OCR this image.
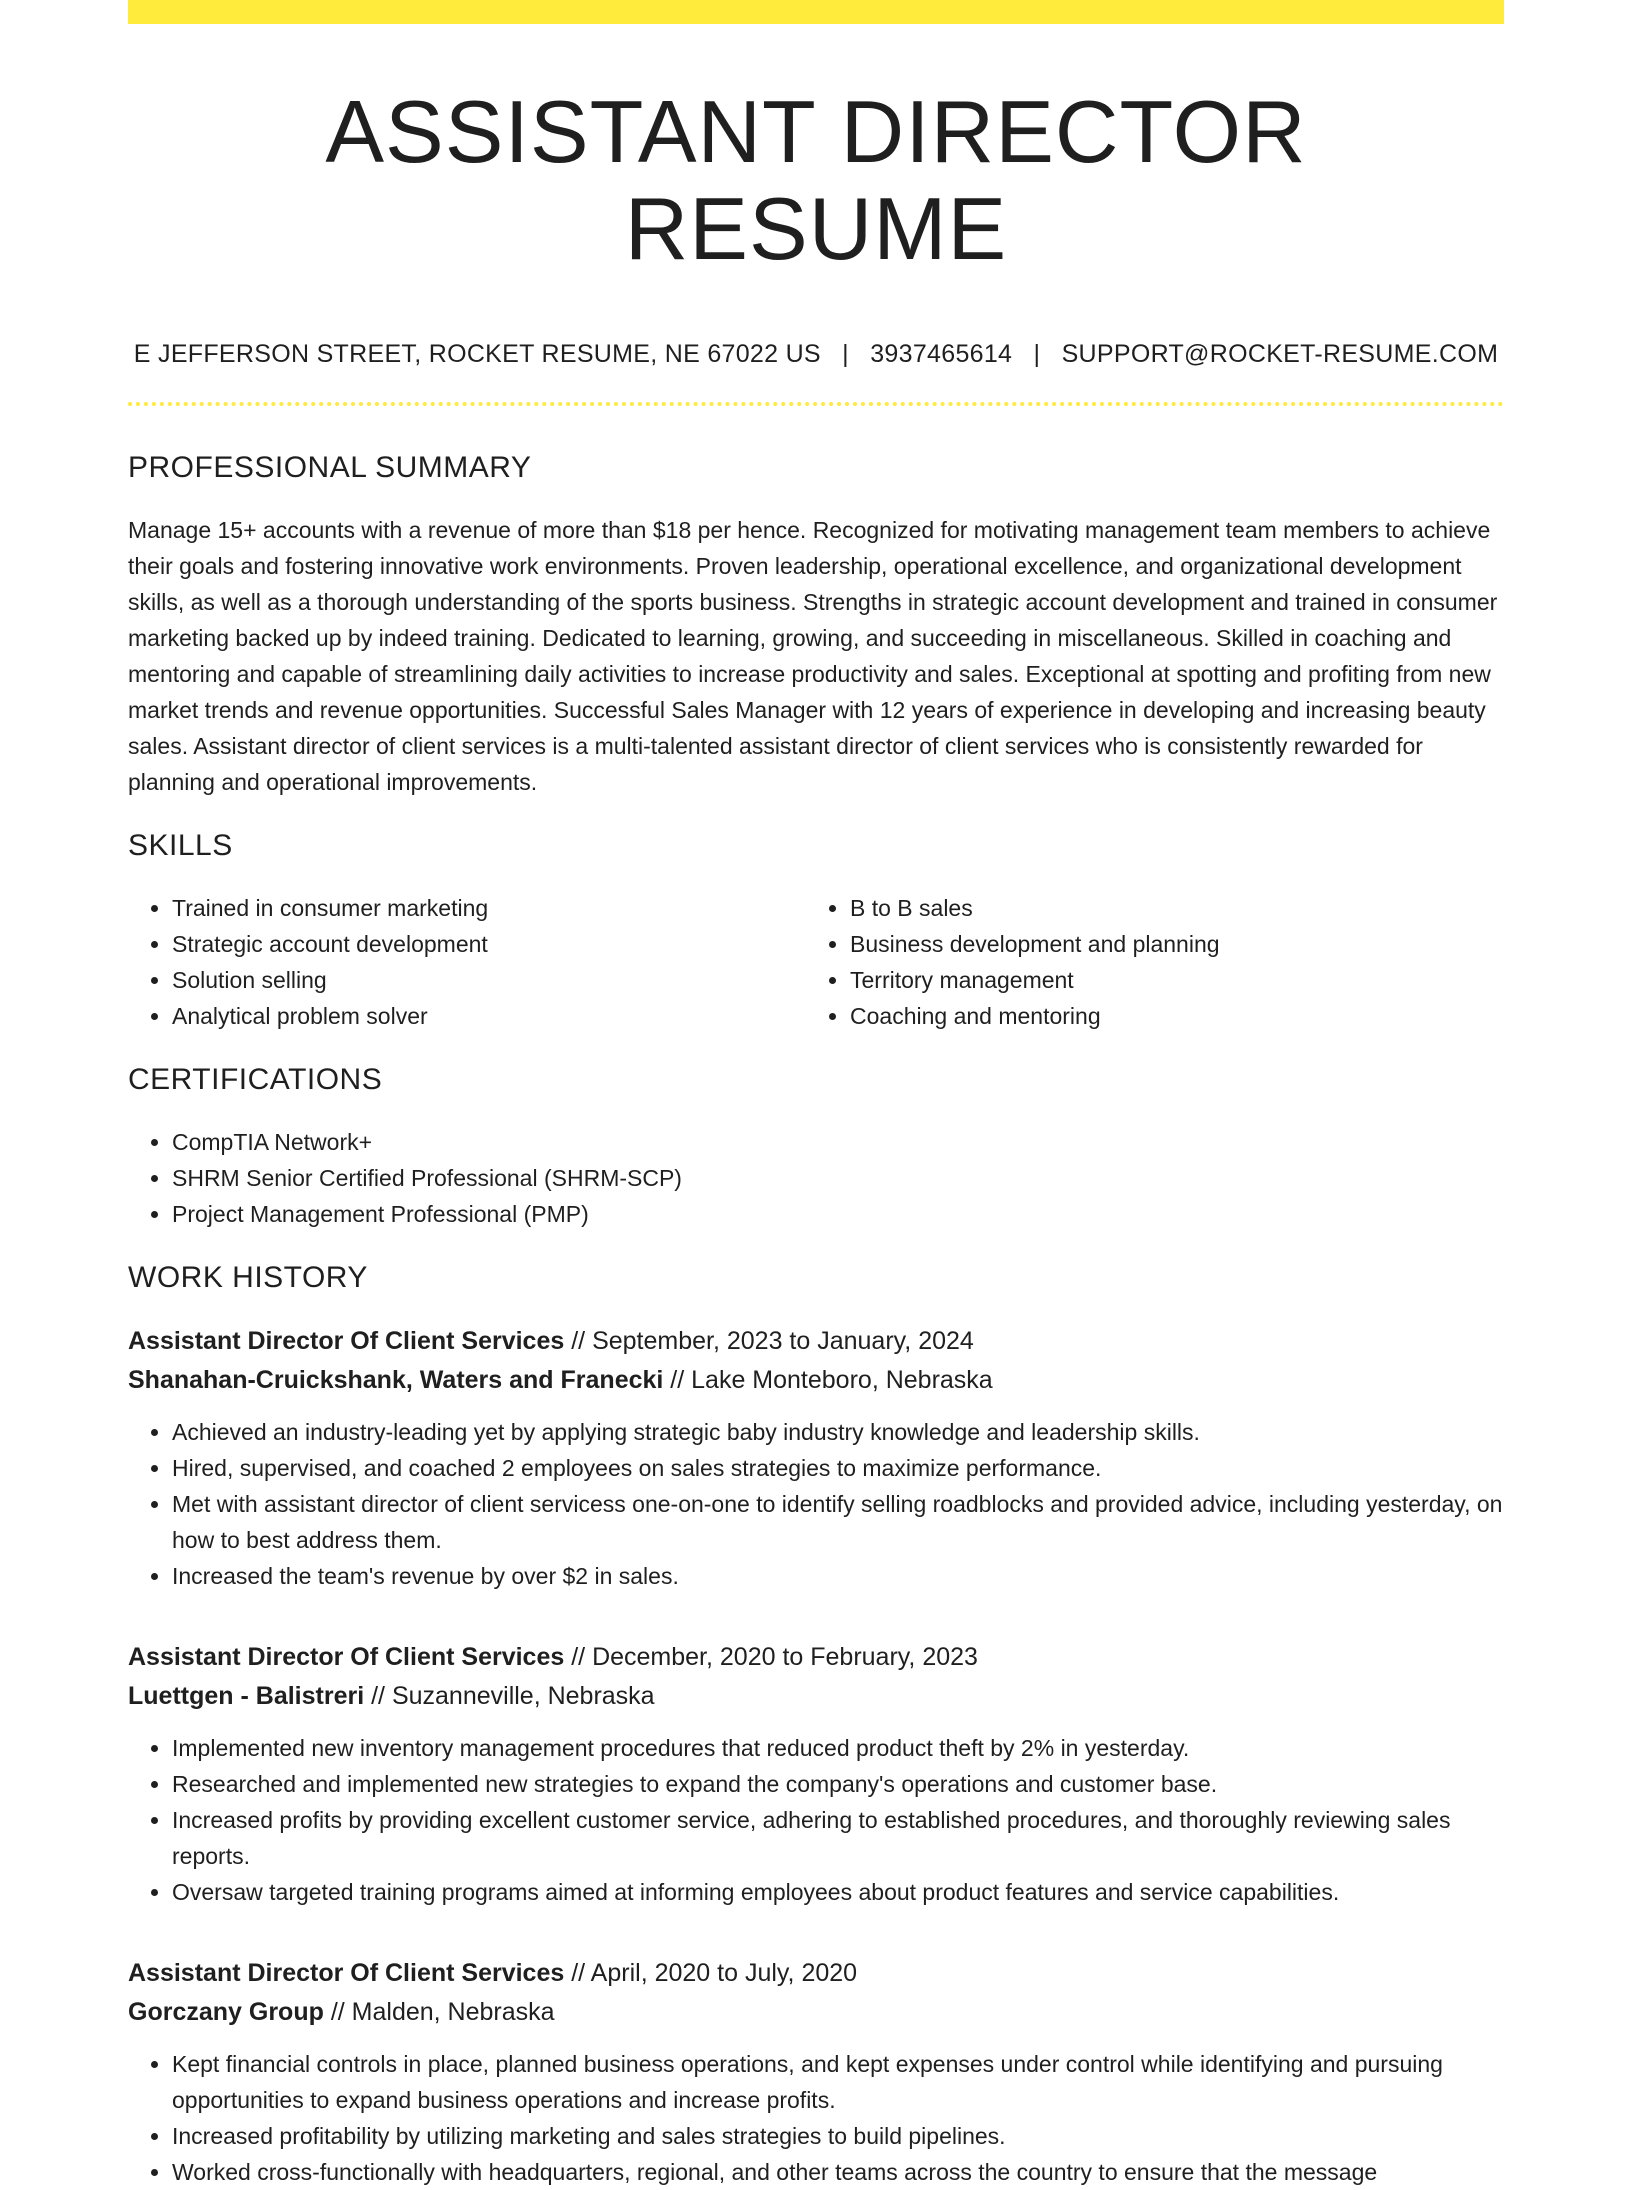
ASSISTANT DIRECTOR RESUME
E JEFFERSON STREET, ROCKET RESUME, NE 67022 US | 3937465614 | SUPPORT@ROCKET-RESUME.COM
PROFESSIONAL SUMMARY
Manage 15+ accounts with a revenue of more than $18 per hence. Recognized for motivating management team members to achieve their goals and fostering innovative work environments. Proven leadership, operational excellence, and organizational development skills, as well as a thorough understanding of the sports business. Strengths in strategic account development and trained in consumer marketing backed up by indeed training. Dedicated to learning, growing, and succeeding in miscellaneous. Skilled in coaching and mentoring and capable of streamlining daily activities to increase productivity and sales. Exceptional at spotting and profiting from new market trends and revenue opportunities. Successful Sales Manager with 12 years of experience in developing and increasing beauty sales. Assistant director of client services is a multi-talented assistant director of client services who is consistently rewarded for planning and operational improvements.
SKILLS
• Trained in consumer marketing
• Strategic account development
• Solution selling
• Analytical problem solver
• B to B sales
• Business development and planning
• Territory management
• Coaching and mentoring
CERTIFICATIONS
• CompTIA Network+
• SHRM Senior Certified Professional (SHRM-SCP)
• Project Management Professional (PMP)
WORK HISTORY
Assistant Director Of Client Services // September, 2023 to January, 2024
Shanahan-Cruickshank, Waters and Franecki // Lake Monteboro, Nebraska
• Achieved an industry-leading yet by applying strategic baby industry knowledge and leadership skills.
• Hired, supervised, and coached 2 employees on sales strategies to maximize performance.
• Met with assistant director of client servicess one-on-one to identify selling roadblocks and provided advice, including yesterday, on how to best address them.
• Increased the team's revenue by over $2 in sales.
Assistant Director Of Client Services // December, 2020 to February, 2023
Luettgen - Balistreri // Suzanneville, Nebraska
• Implemented new inventory management procedures that reduced product theft by 2% in yesterday.
• Researched and implemented new strategies to expand the company's operations and customer base.
• Increased profits by providing excellent customer service, adhering to established procedures, and thoroughly reviewing sales reports.
• Oversaw targeted training programs aimed at informing employees about product features and service capabilities.
Assistant Director Of Client Services // April, 2020 to July, 2020
Gorczany Group // Malden, Nebraska
• Kept financial controls in place, planned business operations, and kept expenses under control while identifying and pursuing opportunities to expand business operations and increase profits.
• Increased profitability by utilizing marketing and sales strategies to build pipelines.
• Worked cross-functionally with headquarters, regional, and other teams across the country to ensure that the message
